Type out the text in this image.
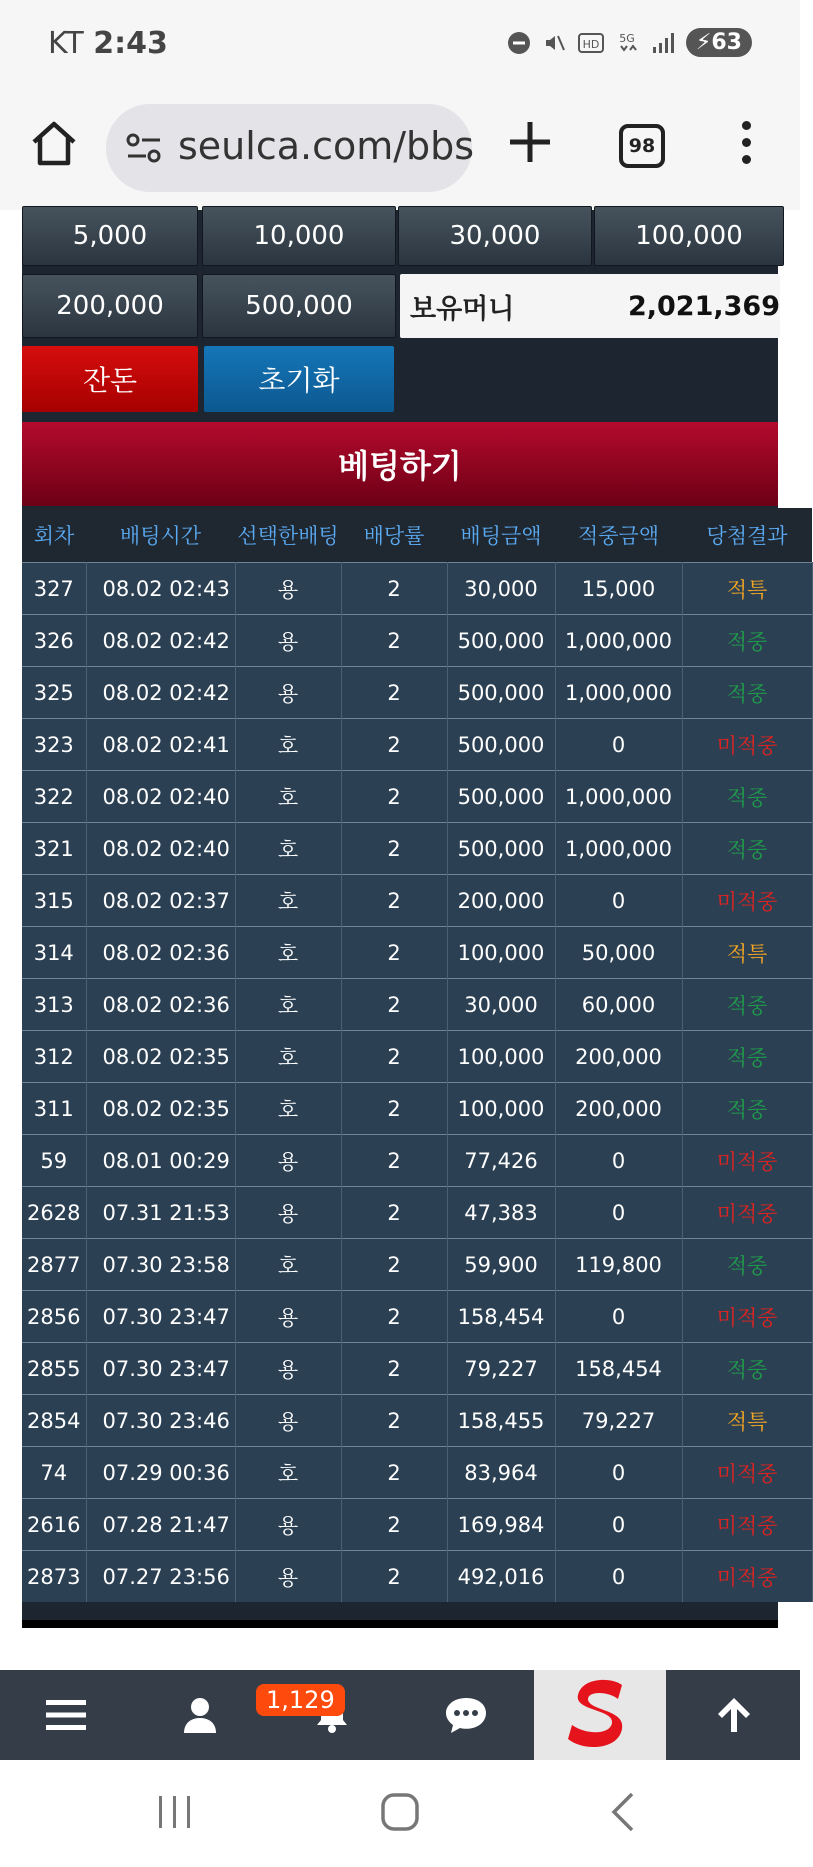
KT 2:43	HD 5G	⚡63
seulca.com/bbs	98
5,000	10,000	30,000	100,000
200,000	500,000	보유머니	2,021,369
잔돈	초기화
베팅하기
회차	배팅시간	선택한배팅	배당률	배팅금액	적중금액	당첨결과
327	08.02 02:43	용	2	30,000	15,000	적특
326	08.02 02:42	용	2	500,000	1,000,000	적중
325	08.02 02:42	용	2	500,000	1,000,000	적중
323	08.02 02:41	호	2	500,000	0	미적중
322	08.02 02:40	호	2	500,000	1,000,000	적중
321	08.02 02:40	호	2	500,000	1,000,000	적중
315	08.02 02:37	호	2	200,000	0	미적중
314	08.02 02:36	호	2	100,000	50,000	적특
313	08.02 02:36	호	2	30,000	60,000	적중
312	08.02 02:35	호	2	100,000	200,000	적중
311	08.02 02:35	호	2	100,000	200,000	적중
59	08.01 00:29	용	2	77,426	0	미적중
2628	07.31 21:53	용	2	47,383	0	미적중
2877	07.30 23:58	호	2	59,900	119,800	적중
2856	07.30 23:47	용	2	158,454	0	미적중
2855	07.30 23:47	용	2	79,227	158,454	적중
2854	07.30 23:46	용	2	158,455	79,227	적특
74	07.29 00:36	호	2	83,964	0	미적중
2616	07.28 21:47	용	2	169,984	0	미적중
2873	07.27 23:56	용	2	492,016	0	미적중
1,129
